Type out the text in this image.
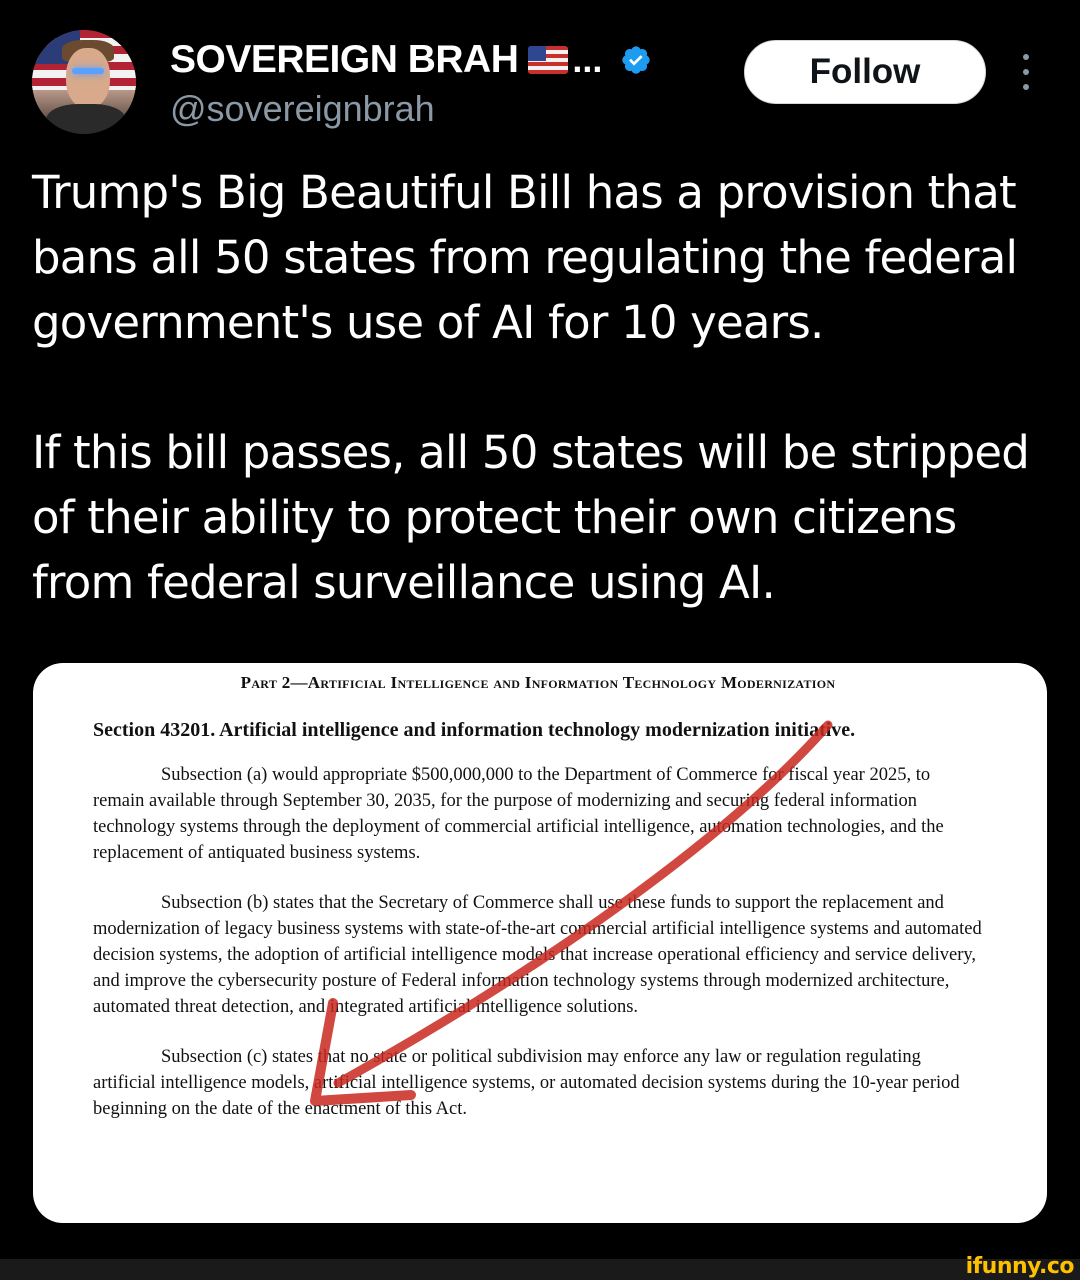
SOVEREIGN BRAH ...
@sovereignbrah
Follow

Trump's Big Beautiful Bill has a provision that bans all 50 states from regulating the federal government's use of AI for 10 years.

If this bill passes, all 50 states will be stripped of their ability to protect their own citizens from federal surveillance using AI.

Part 2—Artificial Intelligence and Information Technology Modernization
Section 43201. Artificial intelligence and information technology modernization initiative.
Subsection (a) would appropriate $500,000,000 to the Department of Commerce for fiscal year 2025, to remain available through September 30, 2035, for the purpose of modernizing and securing federal information technology systems through the deployment of commercial artificial intelligence, automation technologies, and the replacement of antiquated business systems.
Subsection (b) states that the Secretary of Commerce shall use these funds to support the replacement and modernization of legacy business systems with state-of-the-art commercial artificial intelligence systems and automated decision systems, the adoption of artificial intelligence models that increase operational efficiency and service delivery, and improve the cybersecurity posture of Federal information technology systems through modernized architecture, automated threat detection, and integrated artificial intelligence solutions.
Subsection (c) states that no state or political subdivision may enforce any law or regulation regulating artificial intelligence models, artificial intelligence systems, or automated decision systems during the 10-year period beginning on the date of the enactment of this Act.
ifunny.co
